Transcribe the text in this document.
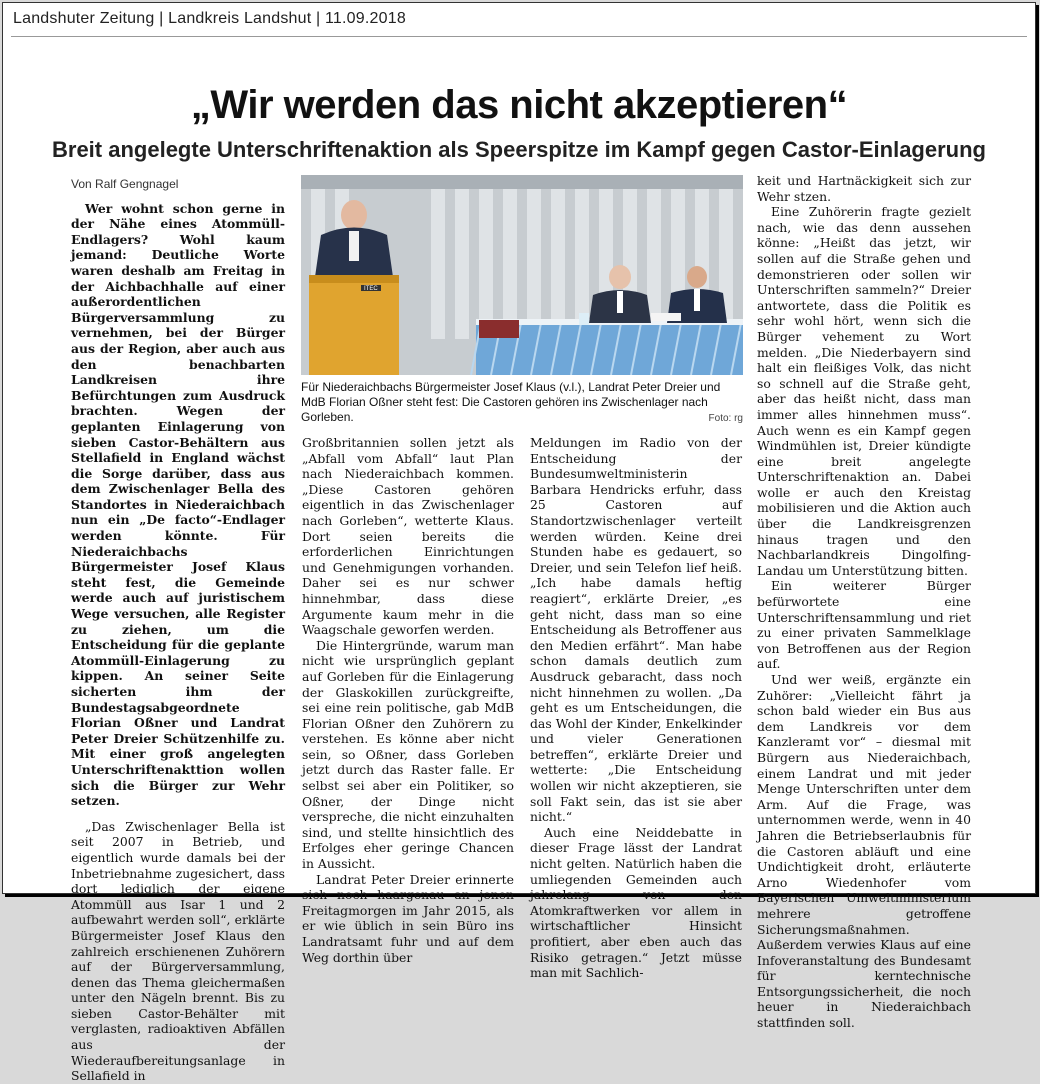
Landshuter Zeitung | Landkreis Landshut | 11.09.2018
„Wir werden das nicht akzeptieren“
Breit angelegte Unterschriftenaktion als Speerspitze im Kampf gegen Castor-Einlagerung

Von Ralf Gengnagel

Wer wohnt schon gerne in der Nähe eines Atommüll-Endlagers? Wohl kaum jemand: Deutliche Worte waren deshalb am Freitag in der Aichbachhalle auf einer außerordentlichen Bürgerversammlung zu vernehmen, bei der Bürger aus der Region, aber auch aus den benachbarten Landkreisen ihre Befürchtungen zum Ausdruck brachten. Wegen der geplanten Einlagerung von sieben Castor-Behältern aus Stellafield in England wächst die Sorge darüber, dass aus dem Zwischenlager Bella des Standortes in Niederaichbach nun ein „De facto“-Endlager werden könnte. Für Niederaichbachs Bürgermeister Josef Klaus steht fest, die Gemeinde werde auch auf juristischem Wege versuchen, alle Register zu ziehen, um die Entscheidung für die geplante Atommüll-Einlagerung zu kippen. An seiner Seite sicherten ihm der Bundestagsabgeordnete Florian Oßner und Landrat Peter Dreier Schützenhilfe zu. Mit einer groß angelegten Unterschriftenakttion wollen sich die Bürger zur Wehr setzen.

„Das Zwischenlager Bella ist seit 2007 in Betrieb, und eigentlich wurde damals bei der Inbetriebnahme zugesichert, dass dort lediglich der eigene Atommüll aus Isar 1 und 2 aufbewahrt werden soll“, erklärte Bürgermeister Josef Klaus den zahlreich erschienenen Zuhörern auf der Bürgerversammlung, denen das Thema gleichermaßen unter den Nägeln brennt. Bis zu sieben Castor-Behälter mit verglasten, radioaktiven Abfällen aus der Wiederaufbereitungsanlage in Sellafield in

ITEC
Für Niederaichbachs Bürgermeister Josef Klaus (v.l.), Landrat Peter Dreier und MdB Florian Oßner steht fest: Die Castoren gehören ins Zwischenlager nach Gorleben.	Foto: rg

Großbritannien sollen jetzt als „Abfall vom Abfall“ laut Plan nach Niederaichbach kommen. „Diese Castoren gehören eigentlich in das Zwischenlager nach Gorleben“, wetterte Klaus. Dort seien bereits die erforderlichen Einrichtungen und Genehmigungen vorhanden. Daher sei es nur schwer hinnehmbar, dass diese Argumente kaum mehr in die Waagschale geworfen werden.

Die Hintergründe, warum man nicht wie ursprünglich geplant auf Gorleben für die Einlagerung der Glaskokillen zurückgreifte, sei eine rein politische, gab MdB Florian Oßner den Zuhörern zu verstehen. Es könne aber nicht sein, so Oßner, dass Gorleben jetzt durch das Raster falle. Er selbst sei aber ein Politiker, so Oßner, der Dinge nicht verspreche, die nicht einzuhalten sind, und stellte hinsichtlich des Erfolges eher geringe Chancen in Aussicht.

Landrat Peter Dreier erinnerte sich noch haargenau an jenen Freitagmorgen im Jahr 2015, als er wie üblich in sein Büro ins Landratsamt fuhr und auf dem Weg dorthin über

Meldungen im Radio von der Entscheidung der Bundesumweltministerin Barbara Hendricks erfuhr, dass 25 Castoren auf Standortzwischenlager verteilt werden würden. Keine drei Stunden habe es gedauert, so Dreier, und sein Telefon lief heiß. „Ich habe damals heftig reagiert“, erklärte Dreier, „es geht nicht, dass man so eine Entscheidung als Betroffener aus den Medien erfährt“. Man habe schon damals deutlich zum Ausdruck gebaracht, dass noch nicht hinnehmen zu wollen. „Da geht es um Entscheidungen, die das Wohl der Kinder, Enkelkinder und vieler Generationen betreffen“, erklärte Dreier und wetterte: „Die Entscheidung wollen wir nicht akzeptieren, sie soll Fakt sein, das ist sie aber nicht.“

Auch eine Neiddebatte in dieser Frage lässt der Landrat nicht gelten. Natürlich haben die umliegenden Gemeinden auch jahrelang von den Atomkraftwerken vor allem in wirtschaftlicher Hinsicht profitiert, aber eben auch das Risiko getragen.“ Jetzt müsse man mit Sachlich-

keit und Hartnäckigkeit sich zur Wehr stzen.

Eine Zuhörerin fragte gezielt nach, wie das denn aussehen könne: „Heißt das jetzt, wir sollen auf die Straße gehen und demonstrieren oder sollen wir Unterschriften sammeln?“ Dreier antwortete, dass die Politik es sehr wohl hört, wenn sich die Bürger vehement zu Wort melden. „Die Niederbayern sind halt ein fleißiges Volk, das nicht so schnell auf die Straße geht, aber das heißt nicht, dass man immer alles hinnehmen muss“. Auch wenn es ein Kampf gegen Windmühlen ist, Dreier kündigte eine breit angelegte Unterschriftenaktion an. Dabei wolle er auch den Kreistag mobilisieren und die Aktion auch über die Landkreisgrenzen hinaus tragen und den Nachbarlandkreis Dingolfing-Landau um Unterstützung bitten.

Ein weiterer Bürger befürwortete eine Unterschriftensammlung und riet zu einer privaten Sammelklage von Betroffenen aus der Region auf.

Und wer weiß, ergänzte ein Zuhörer: „Vielleicht fährt ja schon bald wieder ein Bus aus dem Landkreis vor dem Kanzleramt vor“ – diesmal mit Bürgern aus Niederaichbach, einem Landrat und mit jeder Menge Unterschriften unter dem Arm. Auf die Frage, was unternommen werde, wenn in 40 Jahren die Betriebserlaubnis für die Castoren abläuft und eine Undichtigkeit droht, erläuterte Arno Wiedenhofer vom Bayerischen Umweltministerium mehrere getroffene Sicherungsmaßnahmen. Außerdem verwies Klaus auf eine Infoveranstaltung des Bundesamt für kerntechnische Entsorgungssicherheit, die noch heuer in Niederaichbach stattfinden soll.
